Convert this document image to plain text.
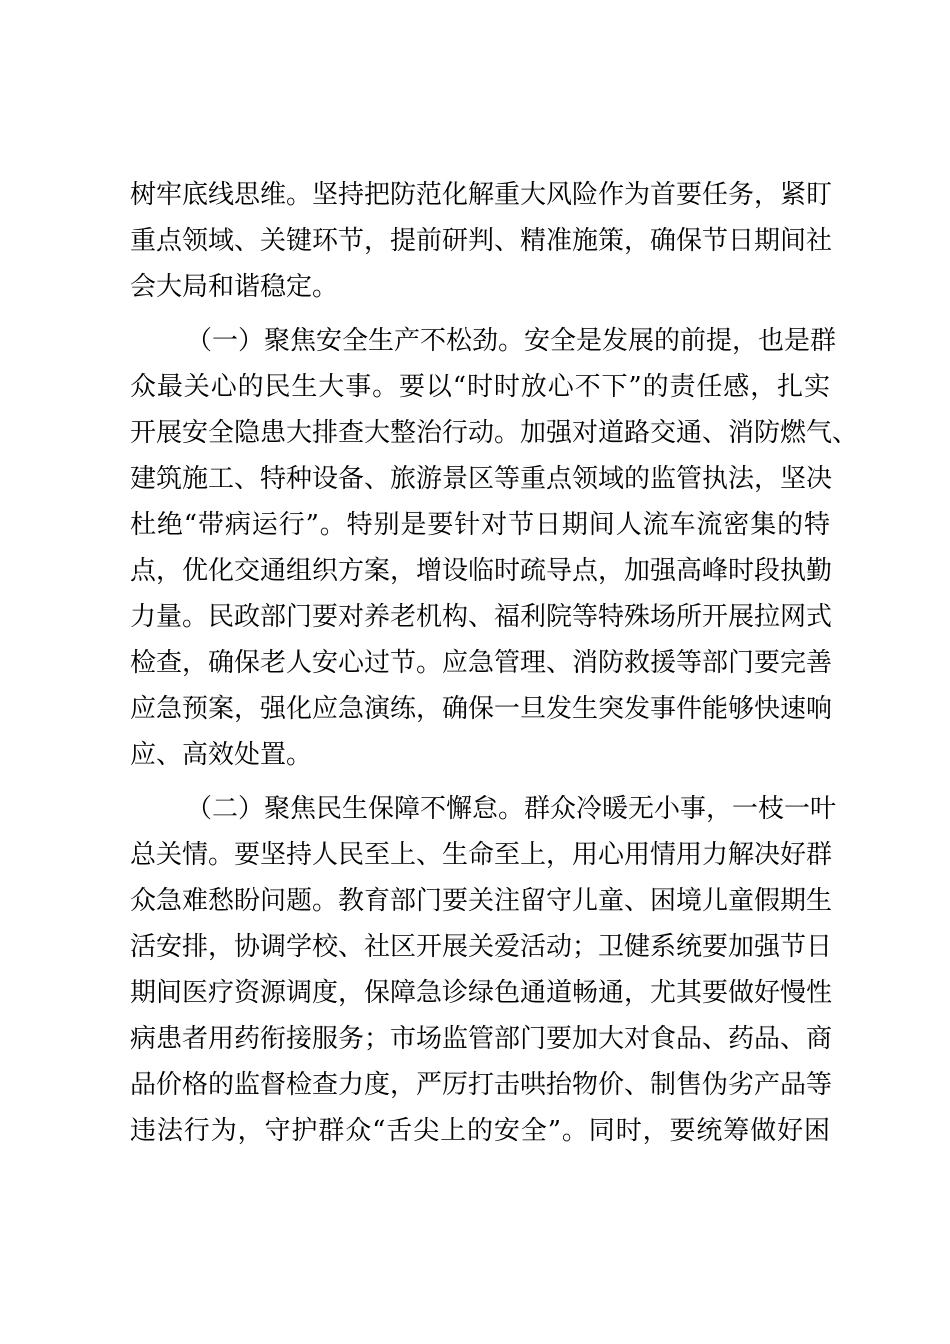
树牢底线思维。坚持把防范化解重大风险作为首要任务，紧盯
重点领域、关键环节，提前研判、精准施策，确保节日期间社
会大局和谐稳定。
（一）聚焦安全生产不松劲。安全是发展的前提，也是群
众最关心的民生大事。要以“时时放心不下”的责任感，扎实
开展安全隐患大排查大整治行动。加强对道路交通、消防燃气、
建筑施工、特种设备、旅游景区等重点领域的监管执法，坚决
杜绝“带病运行”。特别是要针对节日期间人流车流密集的特
点，优化交通组织方案，增设临时疏导点，加强高峰时段执勤
力量。民政部门要对养老机构、福利院等特殊场所开展拉网式
检查，确保老人安心过节。应急管理、消防救援等部门要完善
应急预案，强化应急演练，确保一旦发生突发事件能够快速响
应、高效处置。
（二）聚焦民生保障不懈怠。群众冷暖无小事，一枝一叶
总关情。要坚持人民至上、生命至上，用心用情用力解决好群
众急难愁盼问题。教育部门要关注留守儿童、困境儿童假期生
活安排，协调学校、社区开展关爱活动；卫健系统要加强节日
期间医疗资源调度，保障急诊绿色通道畅通，尤其要做好慢性
病患者用药衔接服务；市场监管部门要加大对食品、药品、商
品价格的监督检查力度，严厉打击哄抬物价、制售伪劣产品等
违法行为，守护群众“舌尖上的安全”。同时，要统筹做好困
